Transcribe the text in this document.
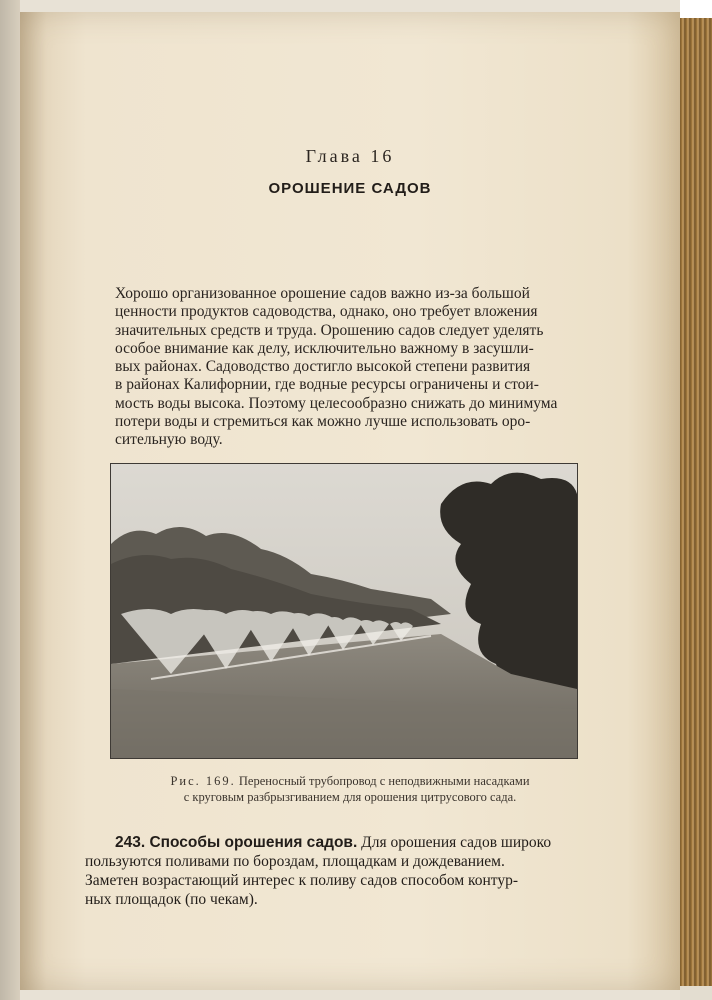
Глава 16
ОРОШЕНИЕ САДОВ
Хорошо организованное орошение садов важно из-за большой
ценности продуктов садоводства, однако, оно требует вложения
значительных средств и труда. Орошению садов следует уделять
особое внимание как делу, исключительно важному в засушли-
вых районах. Садоводство достигло высокой степени развития
в районах Калифорнии, где водные ресурсы ограничены и стои-
мость воды высока. Поэтому целесообразно снижать до минимума
потери воды и стремиться как можно лучше использовать оро-
сительную воду.
Рис. 169. Переносный трубопровод с неподвижными насадками
с круговым разбрызгиванием для орошения цитрусового сада.
243. Способы орошения садов. Для орошения садов широко
пользуются поливами по бороздам, площадкам и дождеванием.
Заметен возрастающий интерес к поливу садов способом контур-
ных площадок (по чекам).
